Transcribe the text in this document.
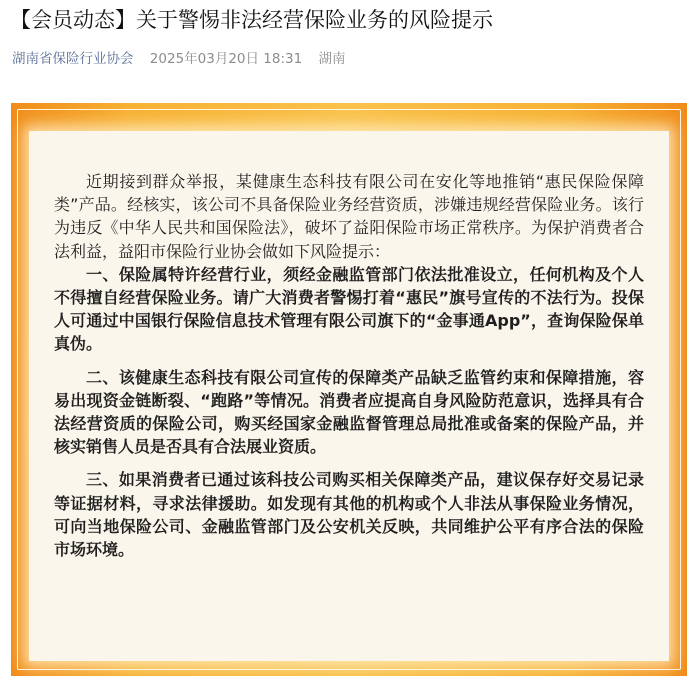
【会员动态】关于警惕非法经营保险业务的风险提示
湖南省保险行业协会 2025年03月20日 18:31 湖南

近期接到群众举报，某健康生态科技有限公司在安化等地推销“惠民保险保障类”产品。经核实，该公司不具备保险业务经营资质，涉嫌违规经营保险业务。该行为违反《中华人民共和国保险法》，破坏了益阳保险市场正常秩序。为保护消费者合法利益，益阳市保险行业协会做如下风险提示：

一、保险属特许经营行业，须经金融监管部门依法批准设立，任何机构及个人不得擅自经营保险业务。请广大消费者警惕打着“惠民”旗号宣传的不法行为。投保人可通过中国银行保险信息技术管理有限公司旗下的“金事通App”，查询保险保单真伪。

二、该健康生态科技有限公司宣传的保障类产品缺乏监管约束和保障措施，容易出现资金链断裂、“跑路”等情况。消费者应提高自身风险防范意识，选择具有合法经营资质的保险公司，购买经国家金融监督管理总局批准或备案的保险产品，并核实销售人员是否具有合法展业资质。

三、如果消费者已通过该科技公司购买相关保障类产品，建议保存好交易记录等证据材料，寻求法律援助。如发现有其他的机构或个人非法从事保险业务情况，可向当地保险公司、金融监管部门及公安机关反映，共同维护公平有序合法的保险市场环境。
